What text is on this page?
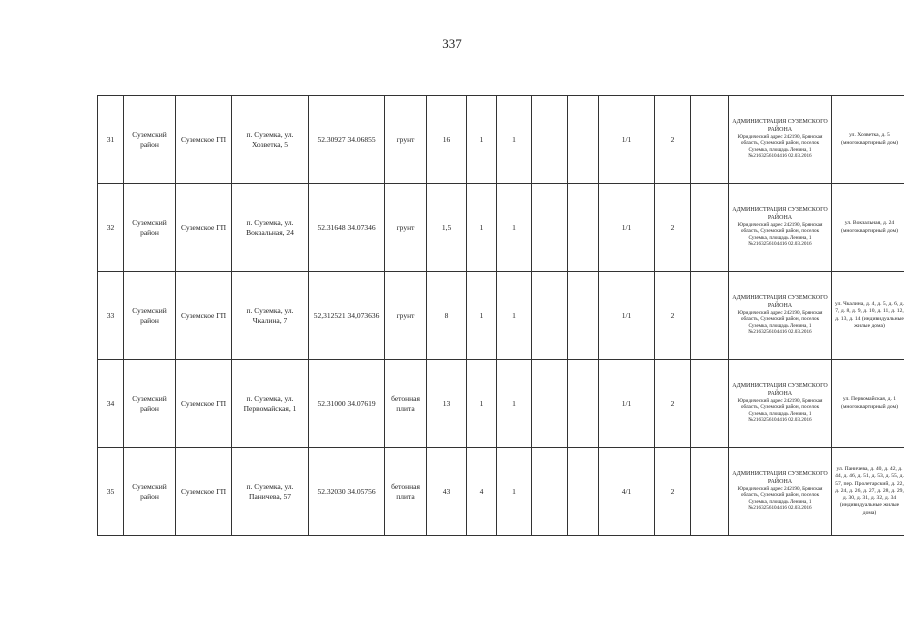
337
31	Суземский район	Суземское ГП	п. Суземка, ул. Хозветка, 5	52.30927 34.06855	грунт	16	1	1			1/1	2		АДМИНИСТРАЦИЯ СУЗЕМСКОГО РАЙОНА
Юридический адрес 242190, Брянская область, Суземский район, поселок Суземка, площадь Ленина, 1 №2163256104416 02.03.2016	ул. Хозветка, д. 5 (многоквартирный дом)
32	Суземский район	Суземское ГП	п. Суземка, ул. Вокзальная, 24	52.31648 34.07346	грунт	1,5	1	1			1/1	2		АДМИНИСТРАЦИЯ СУЗЕМСКОГО РАЙОНА
Юридический адрес 242190, Брянская область, Суземский район, поселок Суземка, площадь Ленина, 1 №2163256104416 02.03.2016	ул. Вокзальная, д. 24 (многоквартирный дом)
33	Суземский район	Суземское ГП	п. Суземка, ул. Чкалина, 7	52,312521 34,073636	грунт	8	1	1			1/1	2		АДМИНИСТРАЦИЯ СУЗЕМСКОГО РАЙОНА
Юридический адрес 242190, Брянская область, Суземский район, поселок Суземка, площадь Ленина, 1 №2163256104416 02.03.2016	ул. Чкалина, д. 4, д. 5, д. 6, д. 7, д. 8, д. 9, д. 10, д. 11, д. 12, д. 13, д. 14 (индивидуальные жилые дома)
34	Суземский район	Суземское ГП	п. Суземка, ул. Первомайская, 1	52.31000 34.07619	бетонная плита	13	1	1			1/1	2		АДМИНИСТРАЦИЯ СУЗЕМСКОГО РАЙОНА
Юридический адрес 242190, Брянская область, Суземский район, поселок Суземка, площадь Ленина, 1 №2163256104416 02.03.2016	ул. Первомайская, д. 1 (многоквартирный дом)
35	Суземский район	Суземское ГП	п. Суземка, ул. Паничева, 57	52.32030 34.05756	бетонная плита	43	4	1			4/1	2		АДМИНИСТРАЦИЯ СУЗЕМСКОГО РАЙОНА
Юридический адрес 242190, Брянская область, Суземский район, поселок Суземка, площадь Ленина, 1 №2163256104416 02.03.2016	ул. Паничева, д. 40, д. 42, д. 44, д. 46, д. 51, д. 53, д. 55, д. 57, пер. Пролетарский, д. 22, д. 24, д. 26, д. 27, д. 28, д. 29, д. 30, д. 31, д. 32, д. 34 (индивидуальные жилые дома)
